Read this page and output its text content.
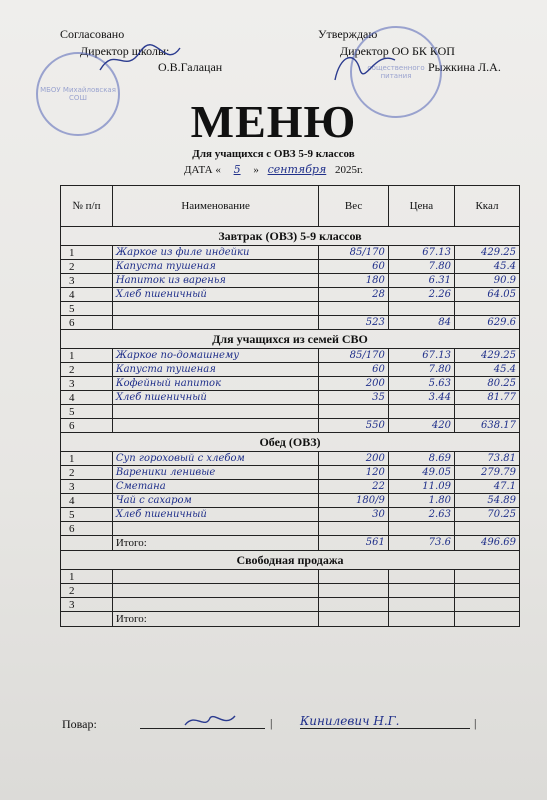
Согласовано	Утверждаю
Директор школы:
О.В.Галацан
Директор ОО БК КОП
Рыжкина Л.А.
МБОУ Михайловская СОШ
общественного питания
МЕНЮ
Для учащихся с ОВЗ 5-9 классов
ДАТА « 5 » сентября 2025г.
№ п/п	Наименование	Вес	Цена	Ккал
Завтрак (ОВЗ) 5-9 классов				
1	Жаркое из филе индейки	85/170	67.13	429.25
2	Капуста тушеная	60	7.80	45.4
3	Напиток из варенья	180	6.31	90.9
4	Хлеб пшеничный	28	2.26	64.05
5				
6		523	84	629.6
Для учащихся из семей СВО				
1	Жаркое по-домашнему	85/170	67.13	429.25
2	Капуста тушеная	60	7.80	45.4
3	Кофейный напиток	200	5.63	80.25
4	Хлеб пшеничный	35	3.44	81.77
5				
6		550	420	638.17
Обед (ОВЗ)				
1	Суп гороховый с хлебом	200	8.69	73.81
2	Вареники ленивые	120	49.05	279.79
3	Сметана	22	11.09	47.1
4	Чай с сахаром	180/9	1.80	54.89
5	Хлеб пшеничный	30	2.63	70.25
6				
	Итого:	561	73.6	496.69
Свободная продажа				
1				
2				
3				
	Итого:			
Повар:	| Кинилевич Н.Г.	|
